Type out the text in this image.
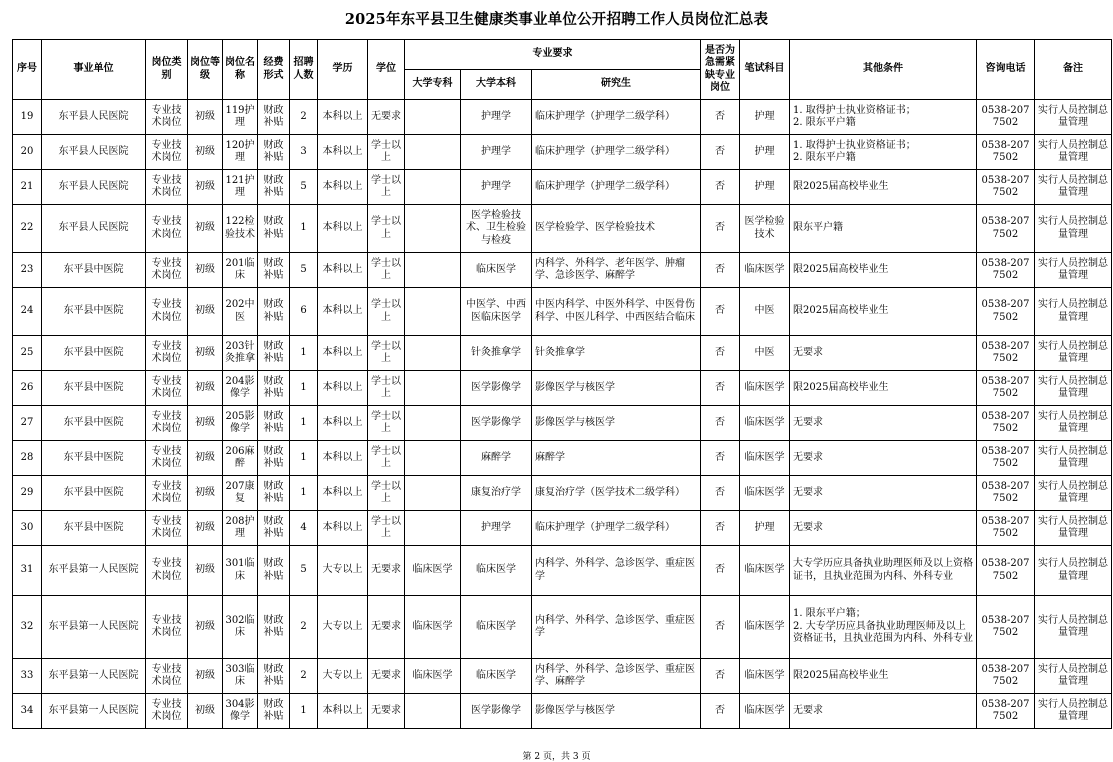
2025年东平县卫生健康类事业单位公开招聘工作人员岗位汇总表
序号	事业单位	岗位类别	岗位等级	岗位名称	经费形式	招聘人数	学历	学位	专业要求			是否为急需紧缺专业岗位	笔试科目	其他条件	咨询电话	备注
									大学专科	大学本科	研究生					
19	东平县人民医院	专业技术岗位	初级	119护理	财政补贴	2	本科以上	无要求		护理学	临床护理学（护理学二级学科）	否	护理	1. 取得护士执业资格证书；
2. 限东平户籍	0538-2077502	实行人员控制总量管理
20	东平县人民医院	专业技术岗位	初级	120护理	财政补贴	3	本科以上	学士以上		护理学	临床护理学（护理学二级学科）	否	护理	1. 取得护士执业资格证书；
2. 限东平户籍	0538-2077502	实行人员控制总量管理
21	东平县人民医院	专业技术岗位	初级	121护理	财政补贴	5	本科以上	学士以上		护理学	临床护理学（护理学二级学科）	否	护理	限2025届高校毕业生	0538-2077502	实行人员控制总量管理
22	东平县人民医院	专业技术岗位	初级	122检验技术	财政补贴	1	本科以上	学士以上		医学检验技术、卫生检验与检疫	医学检验学、医学检验技术	否	医学检验技术	限东平户籍	0538-2077502	实行人员控制总量管理
23	东平县中医院	专业技术岗位	初级	201临床	财政补贴	5	本科以上	学士以上		临床医学	内科学、外科学、老年医学、肿瘤学、急诊医学、麻醉学	否	临床医学	限2025届高校毕业生	0538-2077502	实行人员控制总量管理
24	东平县中医院	专业技术岗位	初级	202中医	财政补贴	6	本科以上	学士以上		中医学、中西医临床医学	中医内科学、中医外科学、中医骨伤科学、中医儿科学、中西医结合临床	否	中医	限2025届高校毕业生	0538-2077502	实行人员控制总量管理
25	东平县中医院	专业技术岗位	初级	203针灸推拿	财政补贴	1	本科以上	学士以上		针灸推拿学	针灸推拿学	否	中医	无要求	0538-2077502	实行人员控制总量管理
26	东平县中医院	专业技术岗位	初级	204影像学	财政补贴	1	本科以上	学士以上		医学影像学	影像医学与核医学	否	临床医学	限2025届高校毕业生	0538-2077502	实行人员控制总量管理
27	东平县中医院	专业技术岗位	初级	205影像学	财政补贴	1	本科以上	学士以上		医学影像学	影像医学与核医学	否	临床医学	无要求	0538-2077502	实行人员控制总量管理
28	东平县中医院	专业技术岗位	初级	206麻醉	财政补贴	1	本科以上	学士以上		麻醉学	麻醉学	否	临床医学	无要求	0538-2077502	实行人员控制总量管理
29	东平县中医院	专业技术岗位	初级	207康复	财政补贴	1	本科以上	学士以上		康复治疗学	康复治疗学（医学技术二级学科）	否	临床医学	无要求	0538-2077502	实行人员控制总量管理
30	东平县中医院	专业技术岗位	初级	208护理	财政补贴	4	本科以上	学士以上		护理学	临床护理学（护理学二级学科）	否	护理	无要求	0538-2077502	实行人员控制总量管理
31	东平县第一人民医院	专业技术岗位	初级	301临床	财政补贴	5	大专以上	无要求	临床医学	临床医学	内科学、外科学、急诊医学、重症医学	否	临床医学	大专学历应具备执业助理医师及以上资格证书，且执业范围为内科、外科专业	0538-2077502	实行人员控制总量管理
32	东平县第一人民医院	专业技术岗位	初级	302临床	财政补贴	2	大专以上	无要求	临床医学	临床医学	内科学、外科学、急诊医学、重症医学	否	临床医学	1. 限东平户籍；
2. 大专学历应具备执业助理医师及以上资格证书，且执业范围为内科、外科专业	0538-2077502	实行人员控制总量管理
33	东平县第一人民医院	专业技术岗位	初级	303临床	财政补贴	2	大专以上	无要求	临床医学	临床医学	内科学、外科学、急诊医学、重症医学、麻醉学	否	临床医学	限2025届高校毕业生	0538-2077502	实行人员控制总量管理
34	东平县第一人民医院	专业技术岗位	初级	304影像学	财政补贴	1	本科以上	无要求		医学影像学	影像医学与核医学	否	临床医学	无要求	0538-2077502	实行人员控制总量管理
第 2 页，共 3 页
